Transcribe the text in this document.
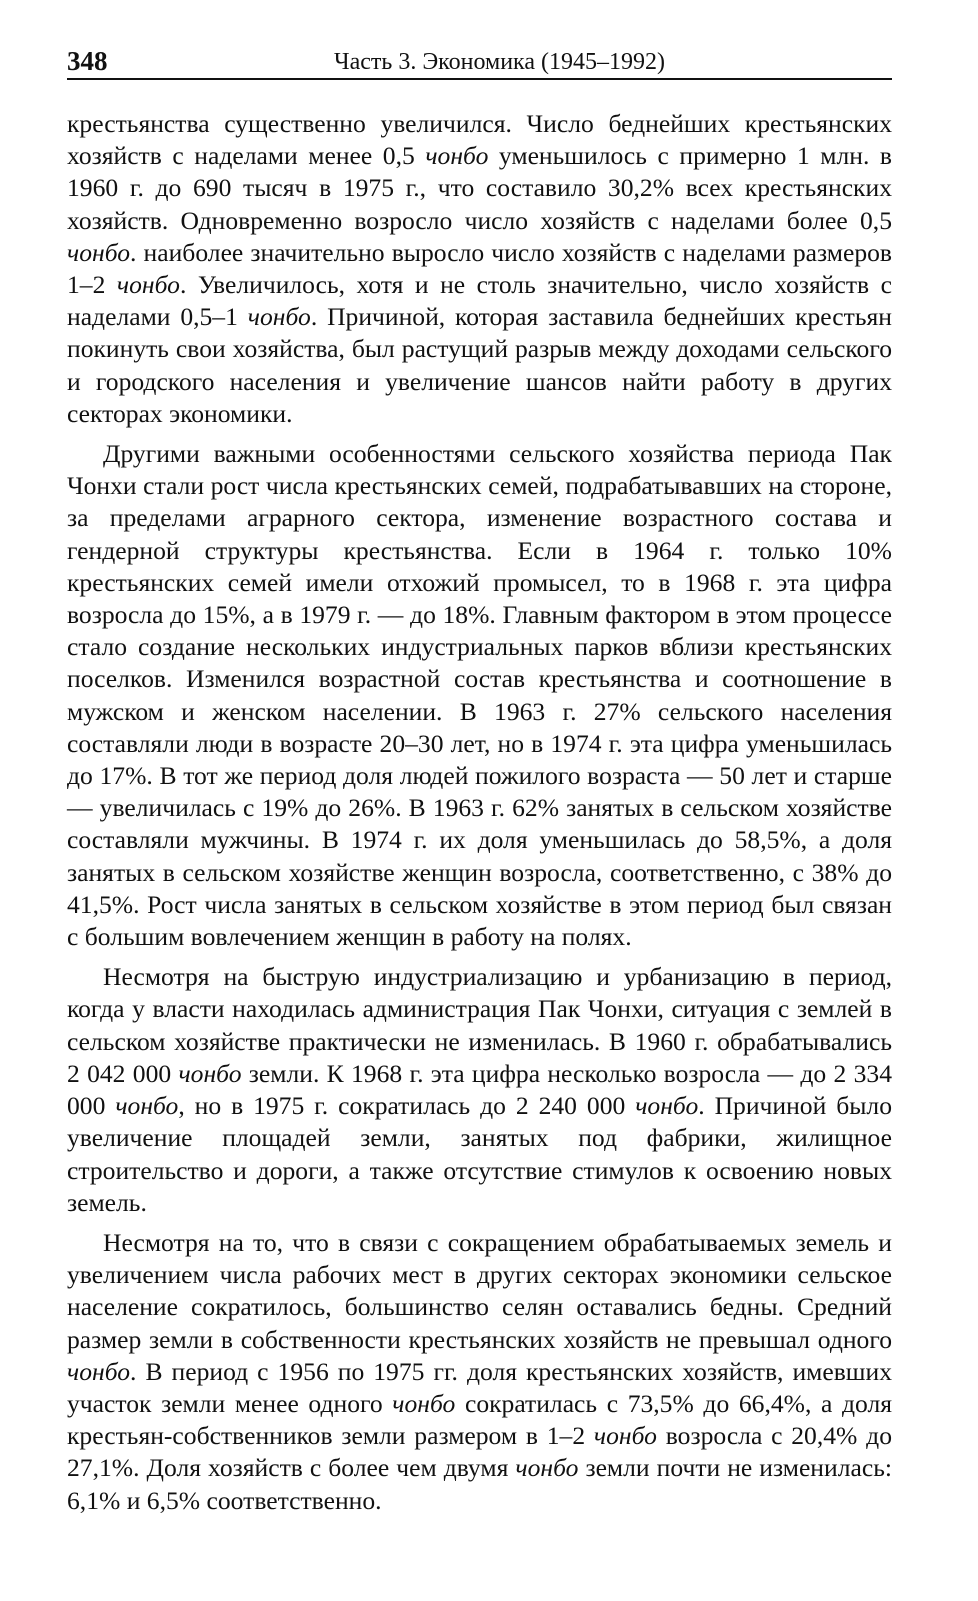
348	Часть 3. Экономика (1945–1992)

крестьянства существенно увеличился. Число беднейших крестьянских хозяйств с наделами менее 0,5 чонбо уменьшилось с примерно 1 млн. в 1960 г. до 690 тысяч в 1975 г., что составило 30,2% всех крестьянских хозяйств. Одновременно возросло число хозяйств с наделами более 0,5 чонбо. наиболее значительно выросло число хозяйств с наделами размеров 1–2 чонбо. Увеличилось, хотя и не столь значительно, число хозяйств с наделами 0,5–1 чонбо. Причиной, которая заставила беднейших крестьян покинуть свои хозяйства, был растущий разрыв между доходами сельского и городского населения и увеличение шансов найти работу в других секторах экономики.

Другими важными особенностями сельского хозяйства периода Пак Чонхи стали рост числа крестьянских семей, подрабатывавших на стороне, за пределами аграрного сектора, изменение возрастного состава и гендерной структуры крестьянства. Если в 1964 г. только 10% крестьянских семей имели отхожий промысел, то в 1968 г. эта цифра возросла до 15%, а в 1979 г. — до 18%. Главным фактором в этом процессе стало создание нескольких индустриальных парков вблизи крестьянских поселков. Изменился возрастной состав крестьянства и соотношение в мужском и женском населении. В 1963 г. 27% сельского населения составляли люди в возрасте 20–30 лет, но в 1974 г. эта цифра уменьшилась до 17%. В тот же период доля людей пожилого возраста — 50 лет и старше — увеличилась с 19% до 26%. В 1963 г. 62% занятых в сельском хозяйстве составляли мужчины. В 1974 г. их доля уменьшилась до 58,5%, а доля занятых в сельском хозяйстве женщин возросла, соответственно, с 38% до 41,5%. Рост числа занятых в сельском хозяйстве в этом период был связан с большим вовлечением женщин в работу на полях.

Несмотря на быструю индустриализацию и урбанизацию в период, когда у власти находилась администрация Пак Чонхи, ситуация с землей в сельском хозяйстве практически не изменилась. В 1960 г. обрабатывались 2 042 000 чонбо земли. К 1968 г. эта цифра несколько возросла — до 2 334 000 чонбо, но в 1975 г. сократилась до 2 240 000 чонбо. Причиной было увеличение площадей земли, занятых под фабрики, жилищное строительство и дороги, а также отсутствие стимулов к освоению новых земель.

Несмотря на то, что в связи с сокращением обрабатываемых земель и увеличением числа рабочих мест в других секторах экономики сельское население сократилось, большинство селян оставались бедны. Средний размер земли в собственности крестьянских хозяйств не превышал одного чонбо. В период с 1956 по 1975 гг. доля крестьянских хозяйств, имевших участок земли менее одного чонбо сократилась с 73,5% до 66,4%, а доля крестьян-собственников земли размером в 1–2 чонбо возросла с 20,4% до 27,1%. Доля хозяйств с более чем двумя чонбо земли почти не изменилась: 6,1% и 6,5% соответственно.
